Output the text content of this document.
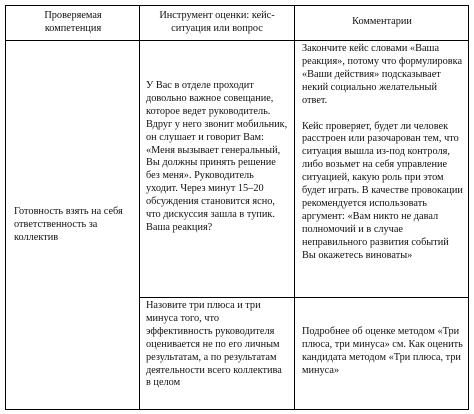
Проверяемая компетенция
Инструмент оценки: кейс-ситуация или вопрос
Комментарии
Готовность взять на себя ответственность за коллектив
У Вас в отделе проходит довольно важное совещание, которое ведет руководитель. Вдруг у него звонит мобильник, он слушает и говорит Вам: «Меня вызывает генеральный, Вы должны принять решение без меня». Руководитель уходит. Через минут 15–20 обсуждения становится ясно, что дискуссия зашла в тупик. Ваша реакция?

Закончите кейс словами «Ваша реакция», потому что формулировка «Ваши действия» подсказывает некий социально желательный ответ.

Кейс проверяет, будет ли человек расстроен или разочарован тем, что ситуация вышла из-под контроля, либо возьмет на себя управление ситуацией, какую роль при этом будет играть. В качестве провокации рекомендуется использовать аргумент: «Вам никто не давал полномочий и в случае неправильного развития событий Вы окажетесь виноваты»

Назовите три плюса и три минуса того, что эффективность руководителя оценивается не по его личным результатам, а по результатам деятельности всего коллектива в целом
Подробнее об оценке методом «Три плюса, три минуса» см. Как оценить кандидата методом «Три плюса, три минуса»
